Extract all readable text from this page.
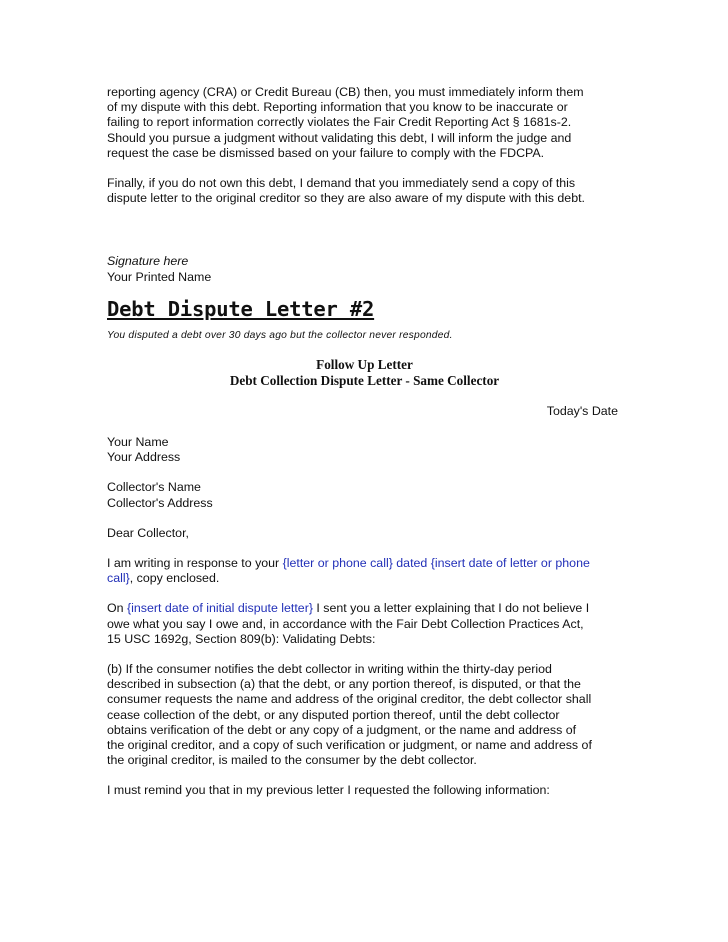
reporting agency (CRA) or Credit Bureau (CB) then, you must immediately inform them

of my dispute with this debt. Reporting information that you know to be inaccurate or

failing to report information correctly violates the Fair Credit Reporting Act § 1681s-2.

Should you pursue a judgment without validating this debt, I will inform the judge and

request the case be dismissed based on your failure to comply with the FDCPA.

Finally, if you do not own this debt, I demand that you immediately send a copy of this

dispute letter to the original creditor so they are also aware of my dispute with this debt.

Signature here

Your Printed Name

Debt Dispute Letter #2

You disputed a debt over 30 days ago but the collector never responded.

Follow Up Letter

Debt Collection Dispute Letter - Same Collector

Today's Date

Your Name

Your Address

Collector's Name

Collector's Address

Dear Collector,

I am writing in response to your {letter or phone call} dated {insert date of letter or phone

call}, copy enclosed.

On {insert date of initial dispute letter} I sent you a letter explaining that I do not believe I

owe what you say I owe and, in accordance with the Fair Debt Collection Practices Act,

15 USC 1692g, Section 809(b): Validating Debts:

(b) If the consumer notifies the debt collector in writing within the thirty-day period

described in subsection (a) that the debt, or any portion thereof, is disputed, or that the

consumer requests the name and address of the original creditor, the debt collector shall

cease collection of the debt, or any disputed portion thereof, until the debt collector

obtains verification of the debt or any copy of a judgment, or the name and address of

the original creditor, and a copy of such verification or judgment, or name and address of

the original creditor, is mailed to the consumer by the debt collector.

I must remind you that in my previous letter I requested the following information:
